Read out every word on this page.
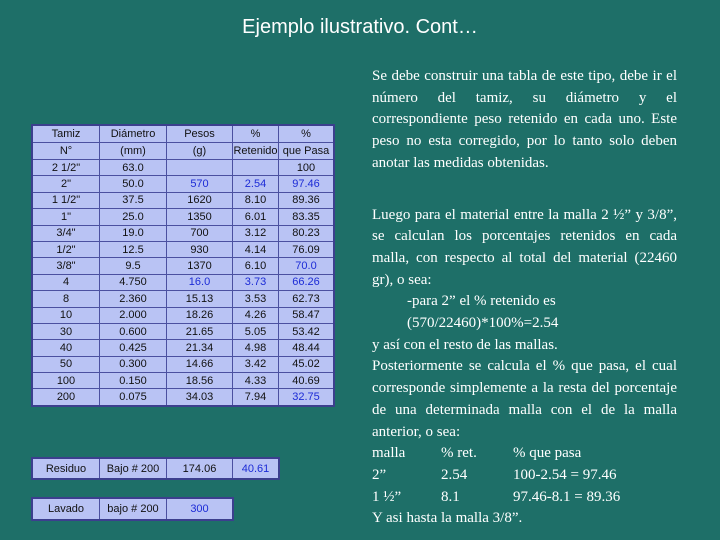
Ejemplo ilustrativo. Cont…
Tamiz	Diámetro	Pesos	%	%
N°	(mm)	(g)	Retenido	que Pasa
2 1/2"	63.0			100
2"	50.0	570	2.54	97.46
1 1/2"	37.5	1620	8.10	89.36
1"	25.0	1350	6.01	83.35
3/4"	19.0	700	3.12	80.23
1/2"	12.5	930	4.14	76.09
3/8"	9.5	1370	6.10	70.0
4	4.750	16.0	3.73	66.26
8	2.360	15.13	3.53	62.73
10	2.000	18.26	4.26	58.47
30	0.600	21.65	5.05	53.42
40	0.425	21.34	4.98	48.44
50	0.300	14.66	3.42	45.02
100	0.150	18.56	4.33	40.69
200	0.075	34.03	7.94	32.75
Residuo	Bajo # 200	174.06	40.61
Lavado	bajo # 200	300
Se debe construir una tabla de este tipo, debe ir el número del tamiz, su diámetro y el correspondiente peso retenido en cada uno. Este peso no esta corregido, por lo tanto solo deben anotar las medidas obtenidas.
Luego para el material entre la malla 2 ½” y 3/8”, se calculan los porcentajes retenidos en cada malla, con respecto al total del material (22460 gr), o sea:
-para 2” el % retenido es
(570/22460)*100%=2.54
y así con el resto de las mallas.
Posteriormente se calcula el % que pasa, el cual corresponde simplemente a la resta del porcentaje de una determinada malla con el de la malla anterior, o sea:
malla	% ret.	% que pasa
2”	2.54	100-2.54 = 97.46
1 ½”	8.1	97.46-8.1 = 89.36
Y asi hasta la malla 3/8”.
